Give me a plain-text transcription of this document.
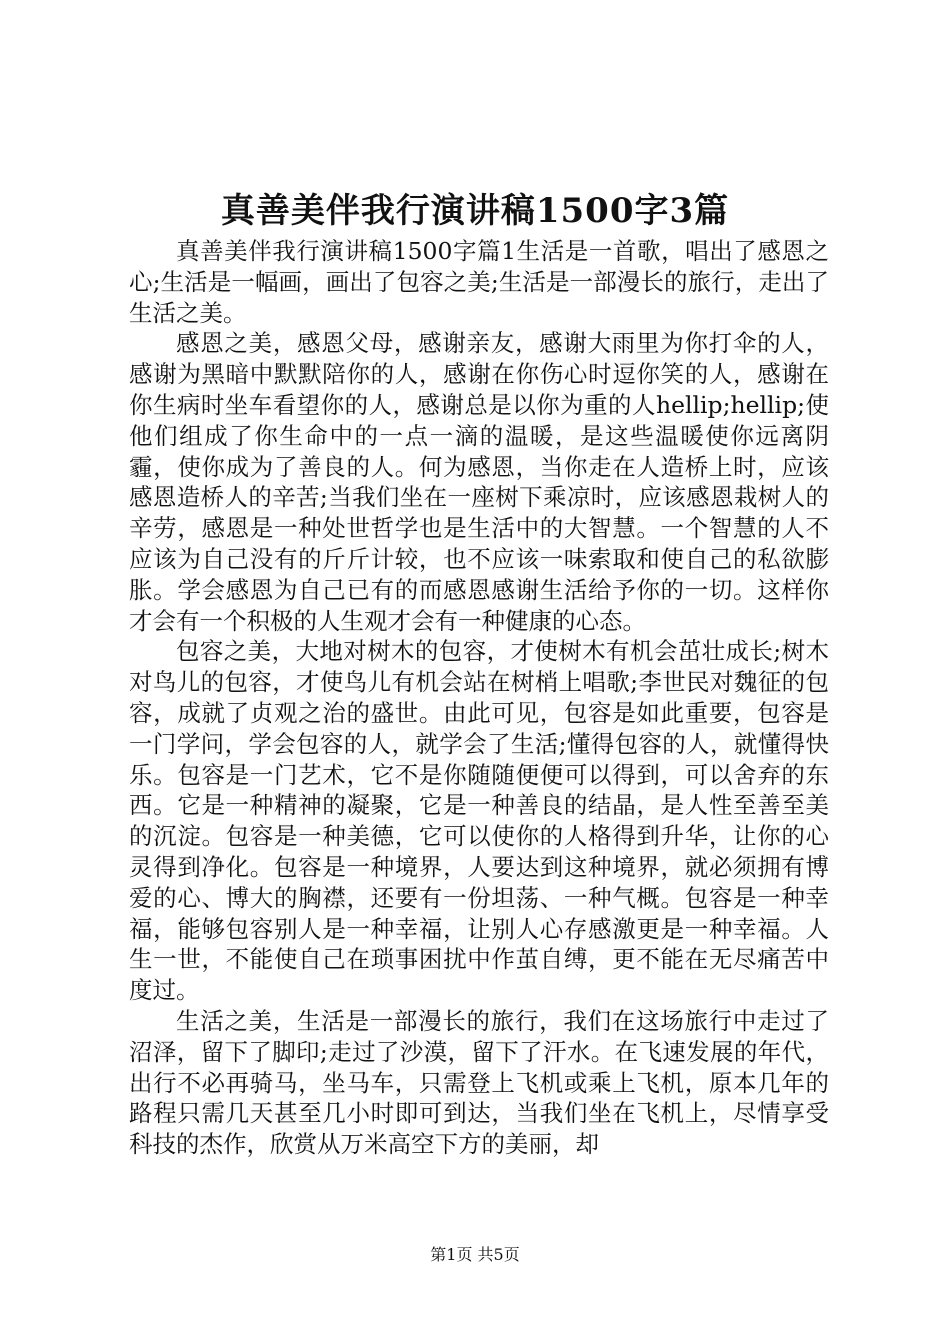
真善美伴我行演讲稿1500字3篇

真善美伴我行演讲稿1500字篇1生活是一首歌，唱出了感恩之心;生活是一幅画，画出了包容之美;生活是一部漫长的旅行，走出了生活之美。

感恩之美，感恩父母，感谢亲友，感谢大雨里为你打伞的人，感谢为黑暗中默默陪你的人，感谢在你伤心时逗你笑的人，感谢在你生病时坐车看望你的人，感谢总是以你为重的人hellip;hellip;使他们组成了你生命中的一点一滴的温暖，是这些温暖使你远离阴霾，使你成为了善良的人。何为感恩，当你走在人造桥上时，应该感恩造桥人的辛苦;当我们坐在一座树下乘凉时，应该感恩栽树人的辛劳，感恩是一种处世哲学也是生活中的大智慧。一个智慧的人不应该为自己没有的斤斤计较，也不应该一味索取和使自己的私欲膨胀。学会感恩为自己已有的而感恩感谢生活给予你的一切。这样你才会有一个积极的人生观才会有一种健康的心态。

包容之美，大地对树木的包容，才使树木有机会茁壮成长;树木对鸟儿的包容，才使鸟儿有机会站在树梢上唱歌;李世民对魏征的包容，成就了贞观之治的盛世。由此可见，包容是如此重要，包容是一门学问，学会包容的人，就学会了生活;懂得包容的人，就懂得快乐。包容是一门艺术，它不是你随随便便可以得到，可以舍弃的东西。它是一种精神的凝聚，它是一种善良的结晶，是人性至善至美的沉淀。包容是一种美德，它可以使你的人格得到升华，让你的心灵得到净化。包容是一种境界，人要达到这种境界，就必须拥有博爱的心、博大的胸襟，还要有一份坦荡、一种气概。包容是一种幸福，能够包容别人是一种幸福，让别人心存感激更是一种幸福。人生一世，不能使自己在琐事困扰中作茧自缚，更不能在无尽痛苦中度过。

生活之美，生活是一部漫长的旅行，我们在这场旅行中走过了沼泽，留下了脚印;走过了沙漠，留下了汗水。在飞速发展的年代，出行不必再骑马，坐马车，只需登上飞机或乘上飞机，原本几年的路程只需几天甚至几小时即可到达，当我们坐在飞机上，尽情享受科技的杰作，欣赏从万米高空下方的美丽，却

第1页 共5页
